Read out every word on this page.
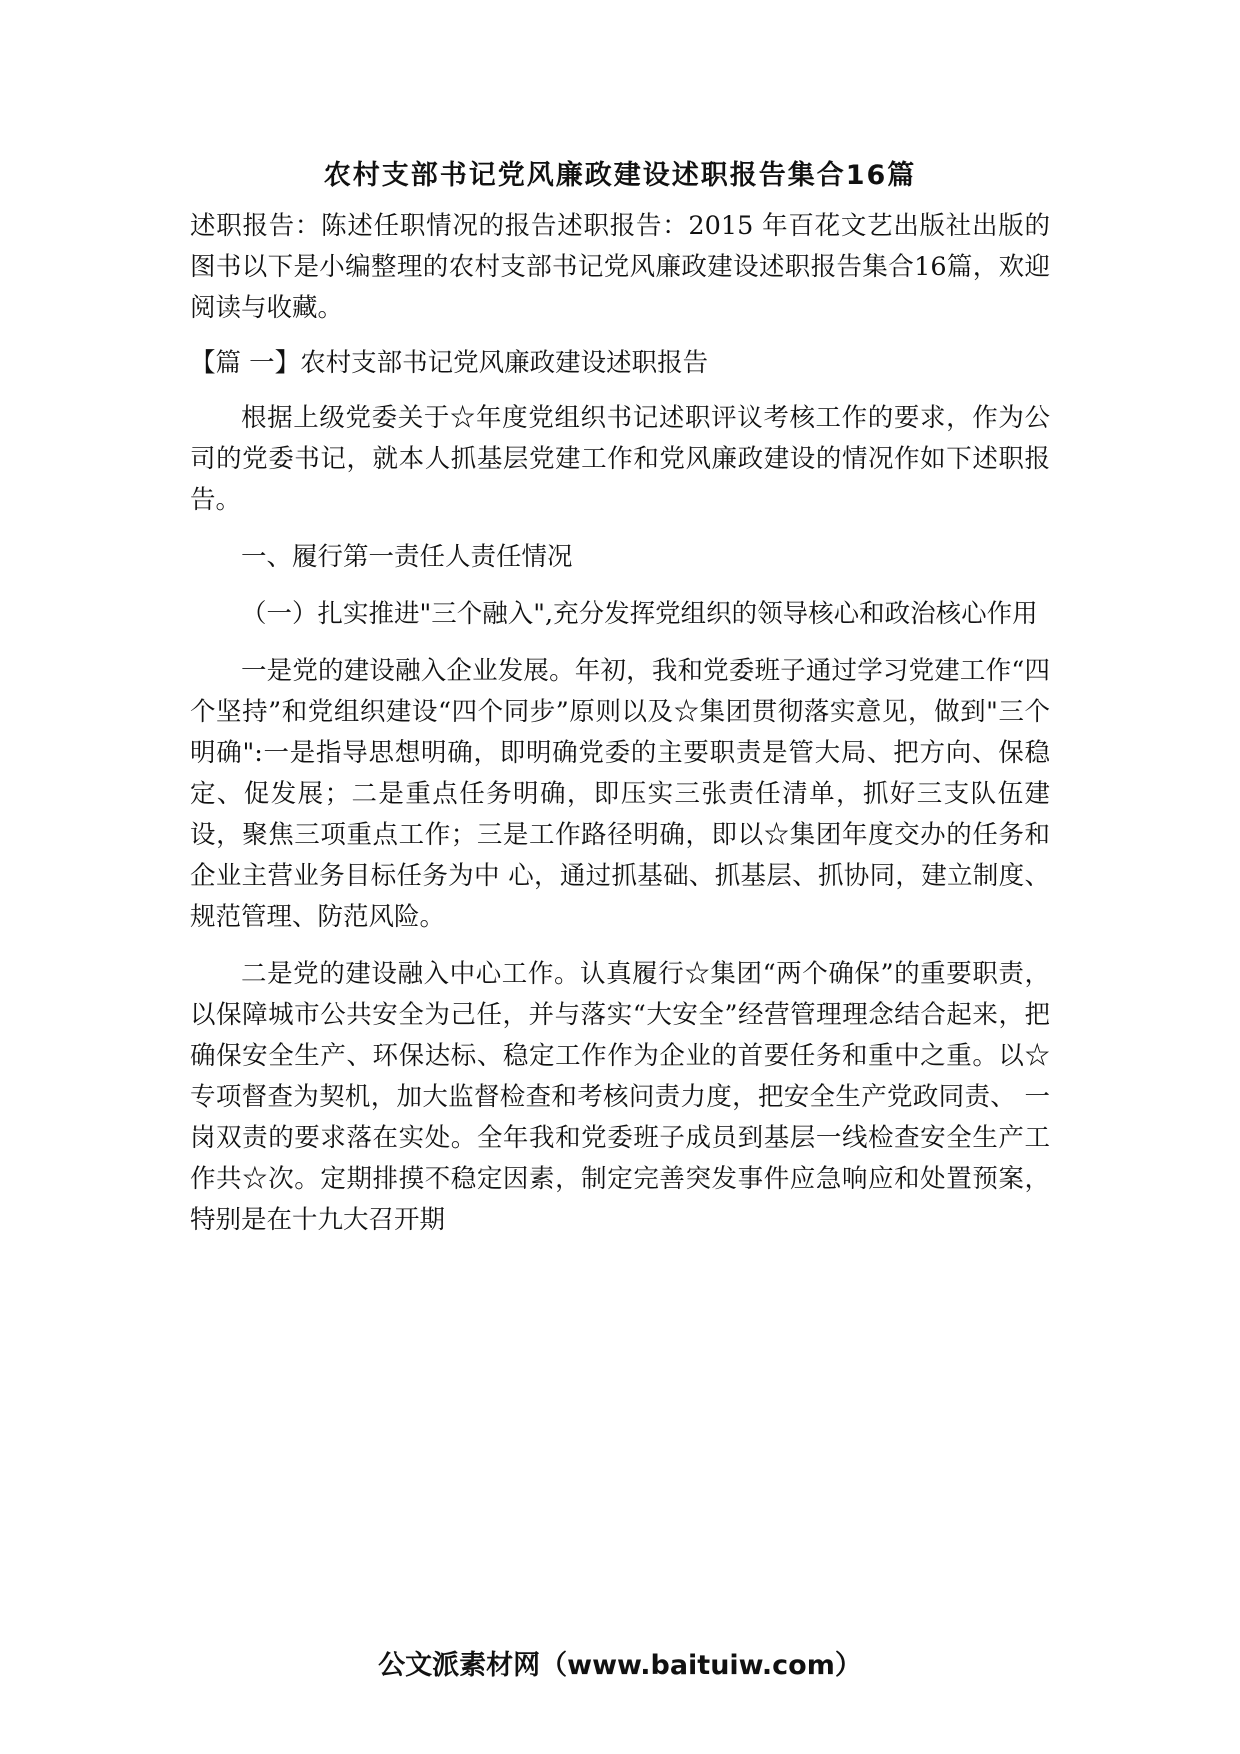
农村支部书记党风廉政建设述职报告集合16篇

述职报告：陈述任职情况的报告述职报告：2015 年百花文艺出版社出版的图书以下是小编整理的农村支部书记党风廉政建设述职报告集合16篇，欢迎阅读与收藏。

【篇 一】农村支部书记党风廉政建设述职报告

根据上级党委关于☆年度党组织书记述职评议考核工作的要求，作为公司的党委书记，就本人抓基层党建工作和党风廉政建设的情况作如下述职报告。

一、履行第一责任人责任情况

（一）扎实推进"三个融入",充分发挥党组织的领导核心和政治核心作用

一是党的建设融入企业发展。年初，我和党委班子通过学习党建工作“四个坚持”和党组织建设“四个同步”原则以及☆集团贯彻落实意见，做到"三个明确":一是指导思想明确，即明确党委的主要职责是管大局、把方向、保稳定、促发展；二是重点任务明确，即压实三张责任清单，抓好三支队伍建设，聚焦三项重点工作；三是工作路径明确，即以☆集团年度交办的任务和企业主营业务目标任务为中 心，通过抓基础、抓基层、抓协同，建立制度、规范管理、防范风险。

二是党的建设融入中心工作。认真履行☆集团“两个确保”的重要职责，以保障城市公共安全为己任，并与落实“大安全”经营管理理念结合起来，把确保安全生产、环保达标、稳定工作作为企业的首要任务和重中之重。以☆专项督查为契机，加大监督检查和考核问责力度，把安全生产党政同责、 一岗双责的要求落在实处。全年我和党委班子成员到基层一线检查安全生产工作共☆次。定期排摸不稳定因素，制定完善突发事件应急响应和处置预案，特别是在十九大召开期

公文派素材网（www.baituiw.com）
